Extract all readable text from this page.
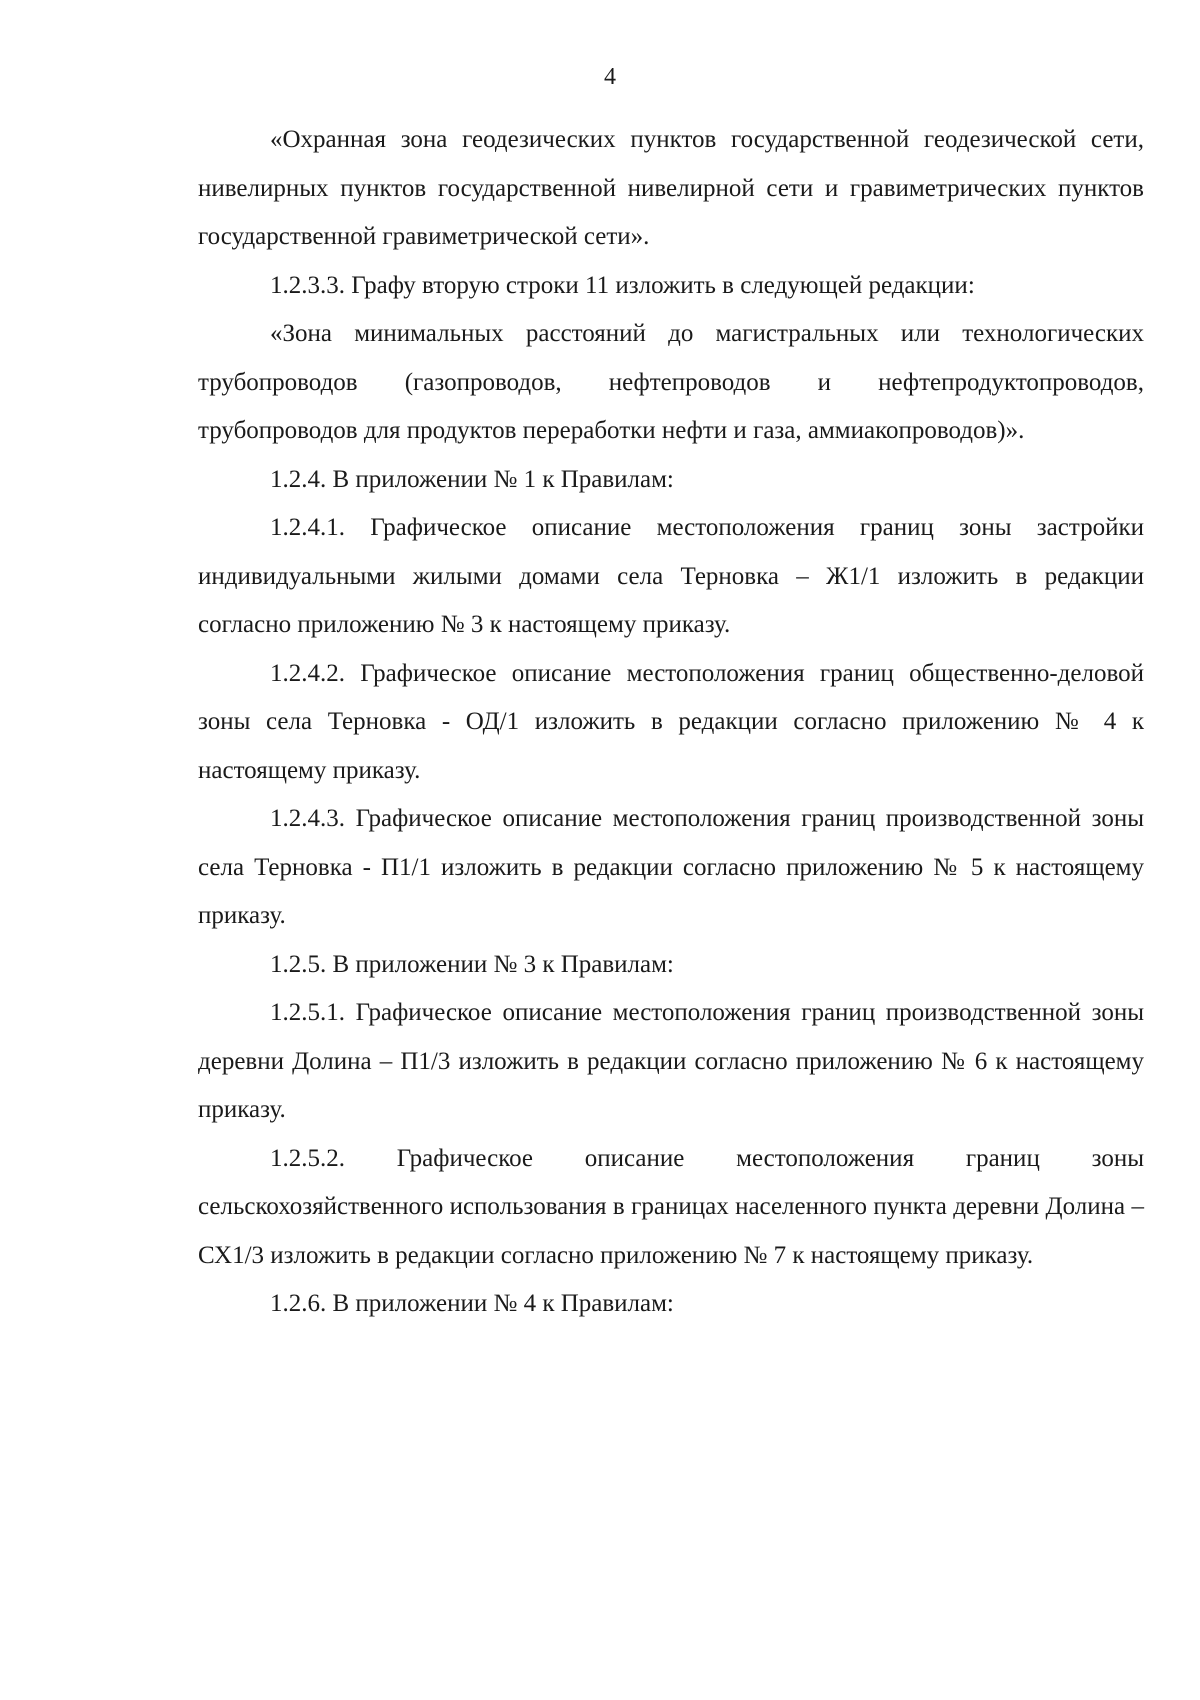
4

«Охранная зона геодезических пунктов государственной геодезической сети, нивелирных пунктов государственной нивелирной сети и гравиметрических пунктов государственной гравиметрической сети».

1.2.3.3. Графу вторую строки 11 изложить в следующей редакции:

«Зона минимальных расстояний до магистральных или технологических трубопроводов (газопроводов, нефтепроводов и нефтепродуктопроводов, трубопроводов для продуктов переработки нефти и газа, аммиакопроводов)».

1.2.4. В приложении № 1 к Правилам:

1.2.4.1. Графическое описание местоположения границ зоны застройки индивидуальными жилыми домами села Терновка – Ж1/1 изложить в редакции согласно приложению № 3 к настоящему приказу.

1.2.4.2. Графическое описание местоположения границ общественно-деловой зоны села Терновка - ОД/1 изложить в редакции согласно приложению № 4 к настоящему приказу.

1.2.4.3. Графическое описание местоположения границ производственной зоны села Терновка - П1/1 изложить в редакции согласно приложению № 5 к настоящему приказу.

1.2.5. В приложении № 3 к Правилам:

1.2.5.1. Графическое описание местоположения границ производственной зоны деревни Долина – П1/3 изложить в редакции согласно приложению № 6 к настоящему приказу.

1.2.5.2. Графическое описание местоположения границ зоны сельскохозяйственного использования в границах населенного пункта деревни Долина – СХ1/3 изложить в редакции согласно приложению № 7 к настоящему приказу.

1.2.6. В приложении № 4 к Правилам:
